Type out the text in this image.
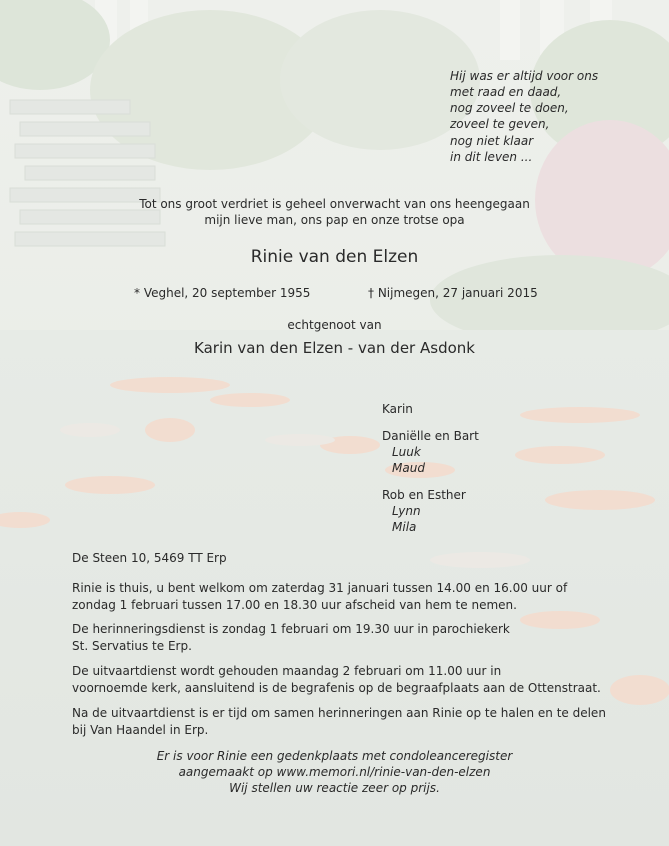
Hij was er altijd voor ons
met raad en daad,
nog zoveel te doen,
zoveel te geven,
nog niet klaar
in dit leven ...
Tot ons groot verdriet is geheel onverwacht van ons heengegaan
mijn lieve man, ons pap en onze trotse opa
Rinie van den Elzen
* Veghel, 20 september 1955	† Nijmegen, 27 januari 2015
echtgenoot van
Karin van den Elzen - van der Asdonk
Karin
Daniëlle en Bart
Luuk
Maud
Rob en Esther
Lynn
Mila
De Steen 10, 5469 TT Erp
Rinie is thuis, u bent welkom om zaterdag 31 januari tussen 14.00 en 16.00 uur of
zondag 1 februari tussen 17.00 en 18.30 uur afscheid van hem te nemen.
De herinneringsdienst is zondag 1 februari om 19.30 uur in parochiekerk
St. Servatius te Erp.
De uitvaartdienst wordt gehouden maandag 2 februari om 11.00 uur in
voornoemde kerk, aansluitend is de begrafenis op de begraafplaats aan de Ottenstraat.
Na de uitvaartdienst is er tijd om samen herinneringen aan Rinie op te halen en te delen
bij Van Haandel in Erp.
Er is voor Rinie een gedenkplaats met condoleanceregister
aangemaakt op www.memori.nl/rinie-van-den-elzen
Wij stellen uw reactie zeer op prijs.
